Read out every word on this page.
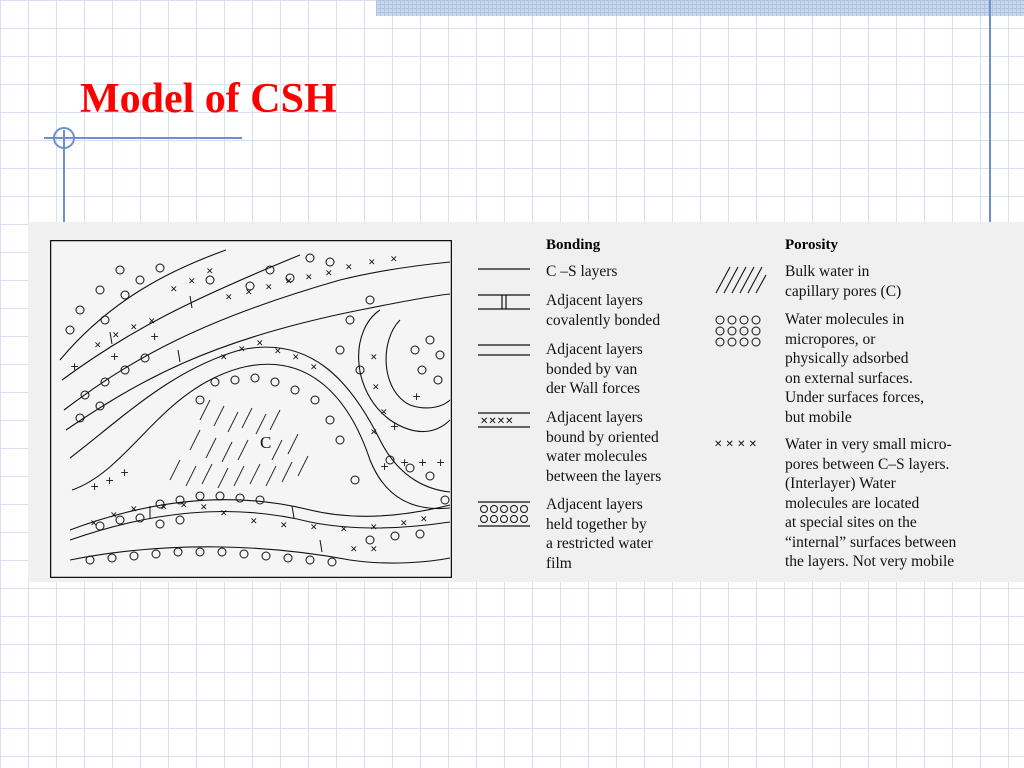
Model of CSH
C
✕
✕
✕
✕
✕
✕
✕
✕ ✕ ✕
✕ ✕ ✕
✕ ✕ ✕
✕
✕
✕
✕
✕
✕
✕
✕
✕ ✕ ✕ ✕
✕
✕ ✕ ✕ ✕ ✕ ✕ ✕
✕ ✕
✕
✕
✕
✕
+ +
+	+ + + +
+
+
+
+
+
Bonding
C –S layers
Adjacent layers
covalently bonded
Adjacent layers
bonded by van
der Wall forces
✕✕✕✕ Adjacent layers
bound by oriented
water molecules
between the layers
Adjacent layers
held together by
a restricted water
film
Porosity
Bulk water in
capillary pores (C)
Water molecules in
micropores, or
physically adsorbed
on external surfaces.
Under surfaces forces,
but mobile
✕ ✕ ✕ ✕ Water in very small micro-
pores between C–S layers.
(Interlayer) Water
molecules are located
at special sites on the
“internal” surfaces between
the layers. Not very mobile
